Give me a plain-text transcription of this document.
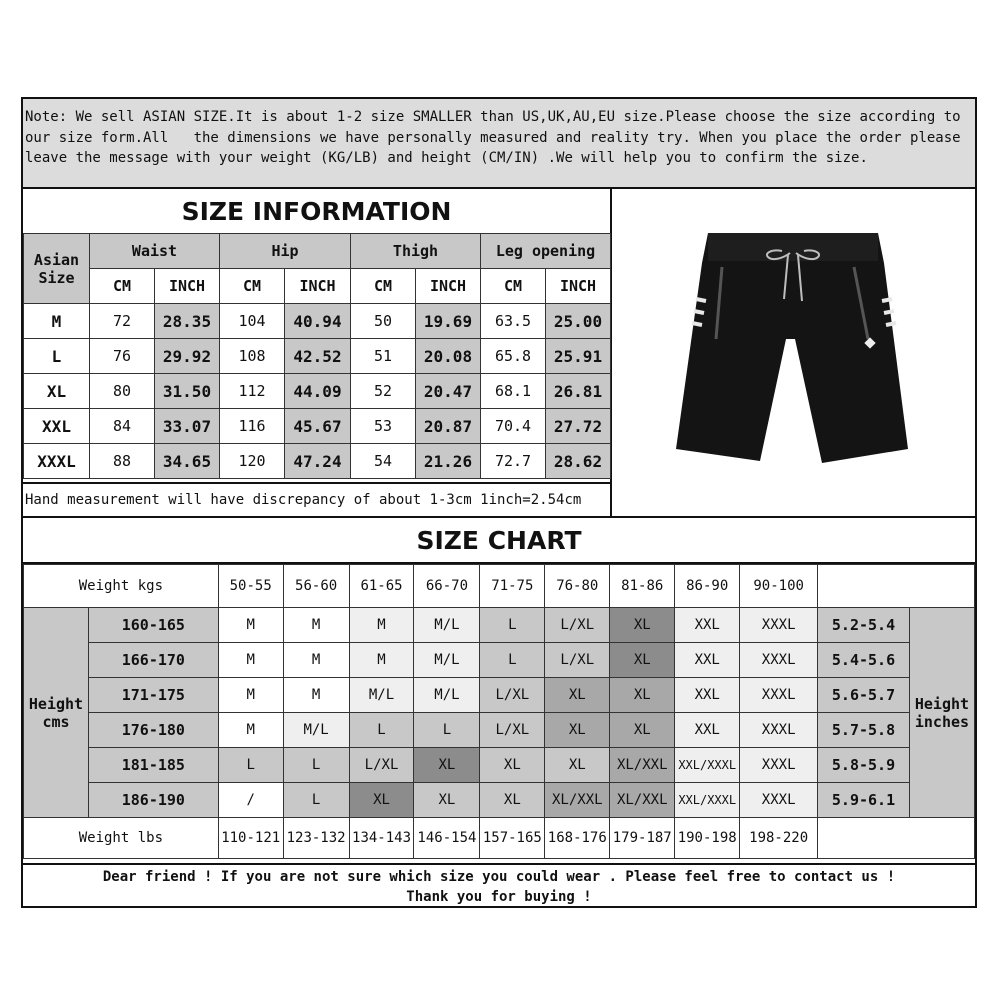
Note: We sell ASIAN SIZE.It is about 1-2 size SMALLER than US,UK,AU,EU size.Please choose the size according to our size form.All   the dimensions we have personally measured and reality try. When you place the order please leave the message with your weight (KG/LB) and height (CM/IN) .We will help you to confirm the size.
SIZE INFORMATION
Asian Size	Waist		Hip		Thigh		Leg opening	
	CM	INCH	CM	INCH	CM	INCH	CM	INCH
M	72	28.35	104	40.94	50	19.69	63.5	25.00
L	76	29.92	108	42.52	51	20.08	65.8	25.91
XL	80	31.50	112	44.09	52	20.47	68.1	26.81
XXL	84	33.07	116	45.67	53	20.87	70.4	27.72
XXXL	88	34.65	120	47.24	54	21.26	72.7	28.62
Hand measurement will have discrepancy of about 1-3cm 1inch=2.54cm
SIZE CHART
Weight kgs		50-55	56-60	61-65	66-70	71-75	76-80	81-86	86-90	90-100		
Height cms	160-165	M	M	M	M/L	L	L/XL	XL	XXL	XXXL	5.2-5.4	Height inches
	166-170	M	M	M	M/L	L	L/XL	XL	XXL	XXXL	5.4-5.6	
	171-175	M	M	M/L	M/L	L/XL	XL	XL	XXL	XXXL	5.6-5.7	
	176-180	M	M/L	L	L	L/XL	XL	XL	XXL	XXXL	5.7-5.8	
	181-185	L	L	L/XL	XL	XL	XL	XL/XXL	XXL/XXXL	XXXL	5.8-5.9	
	186-190	/	L	XL	XL	XL	XL/XXL	XL/XXL	XXL/XXXL	XXXL	5.9-6.1	
Weight lbs		110-121	123-132	134-143	146-154	157-165	168-176	179-187	190-198	198-220		
Dear friend ! If you are not sure which size you could wear . Please feel free to contact us !
Thank you for buying !
